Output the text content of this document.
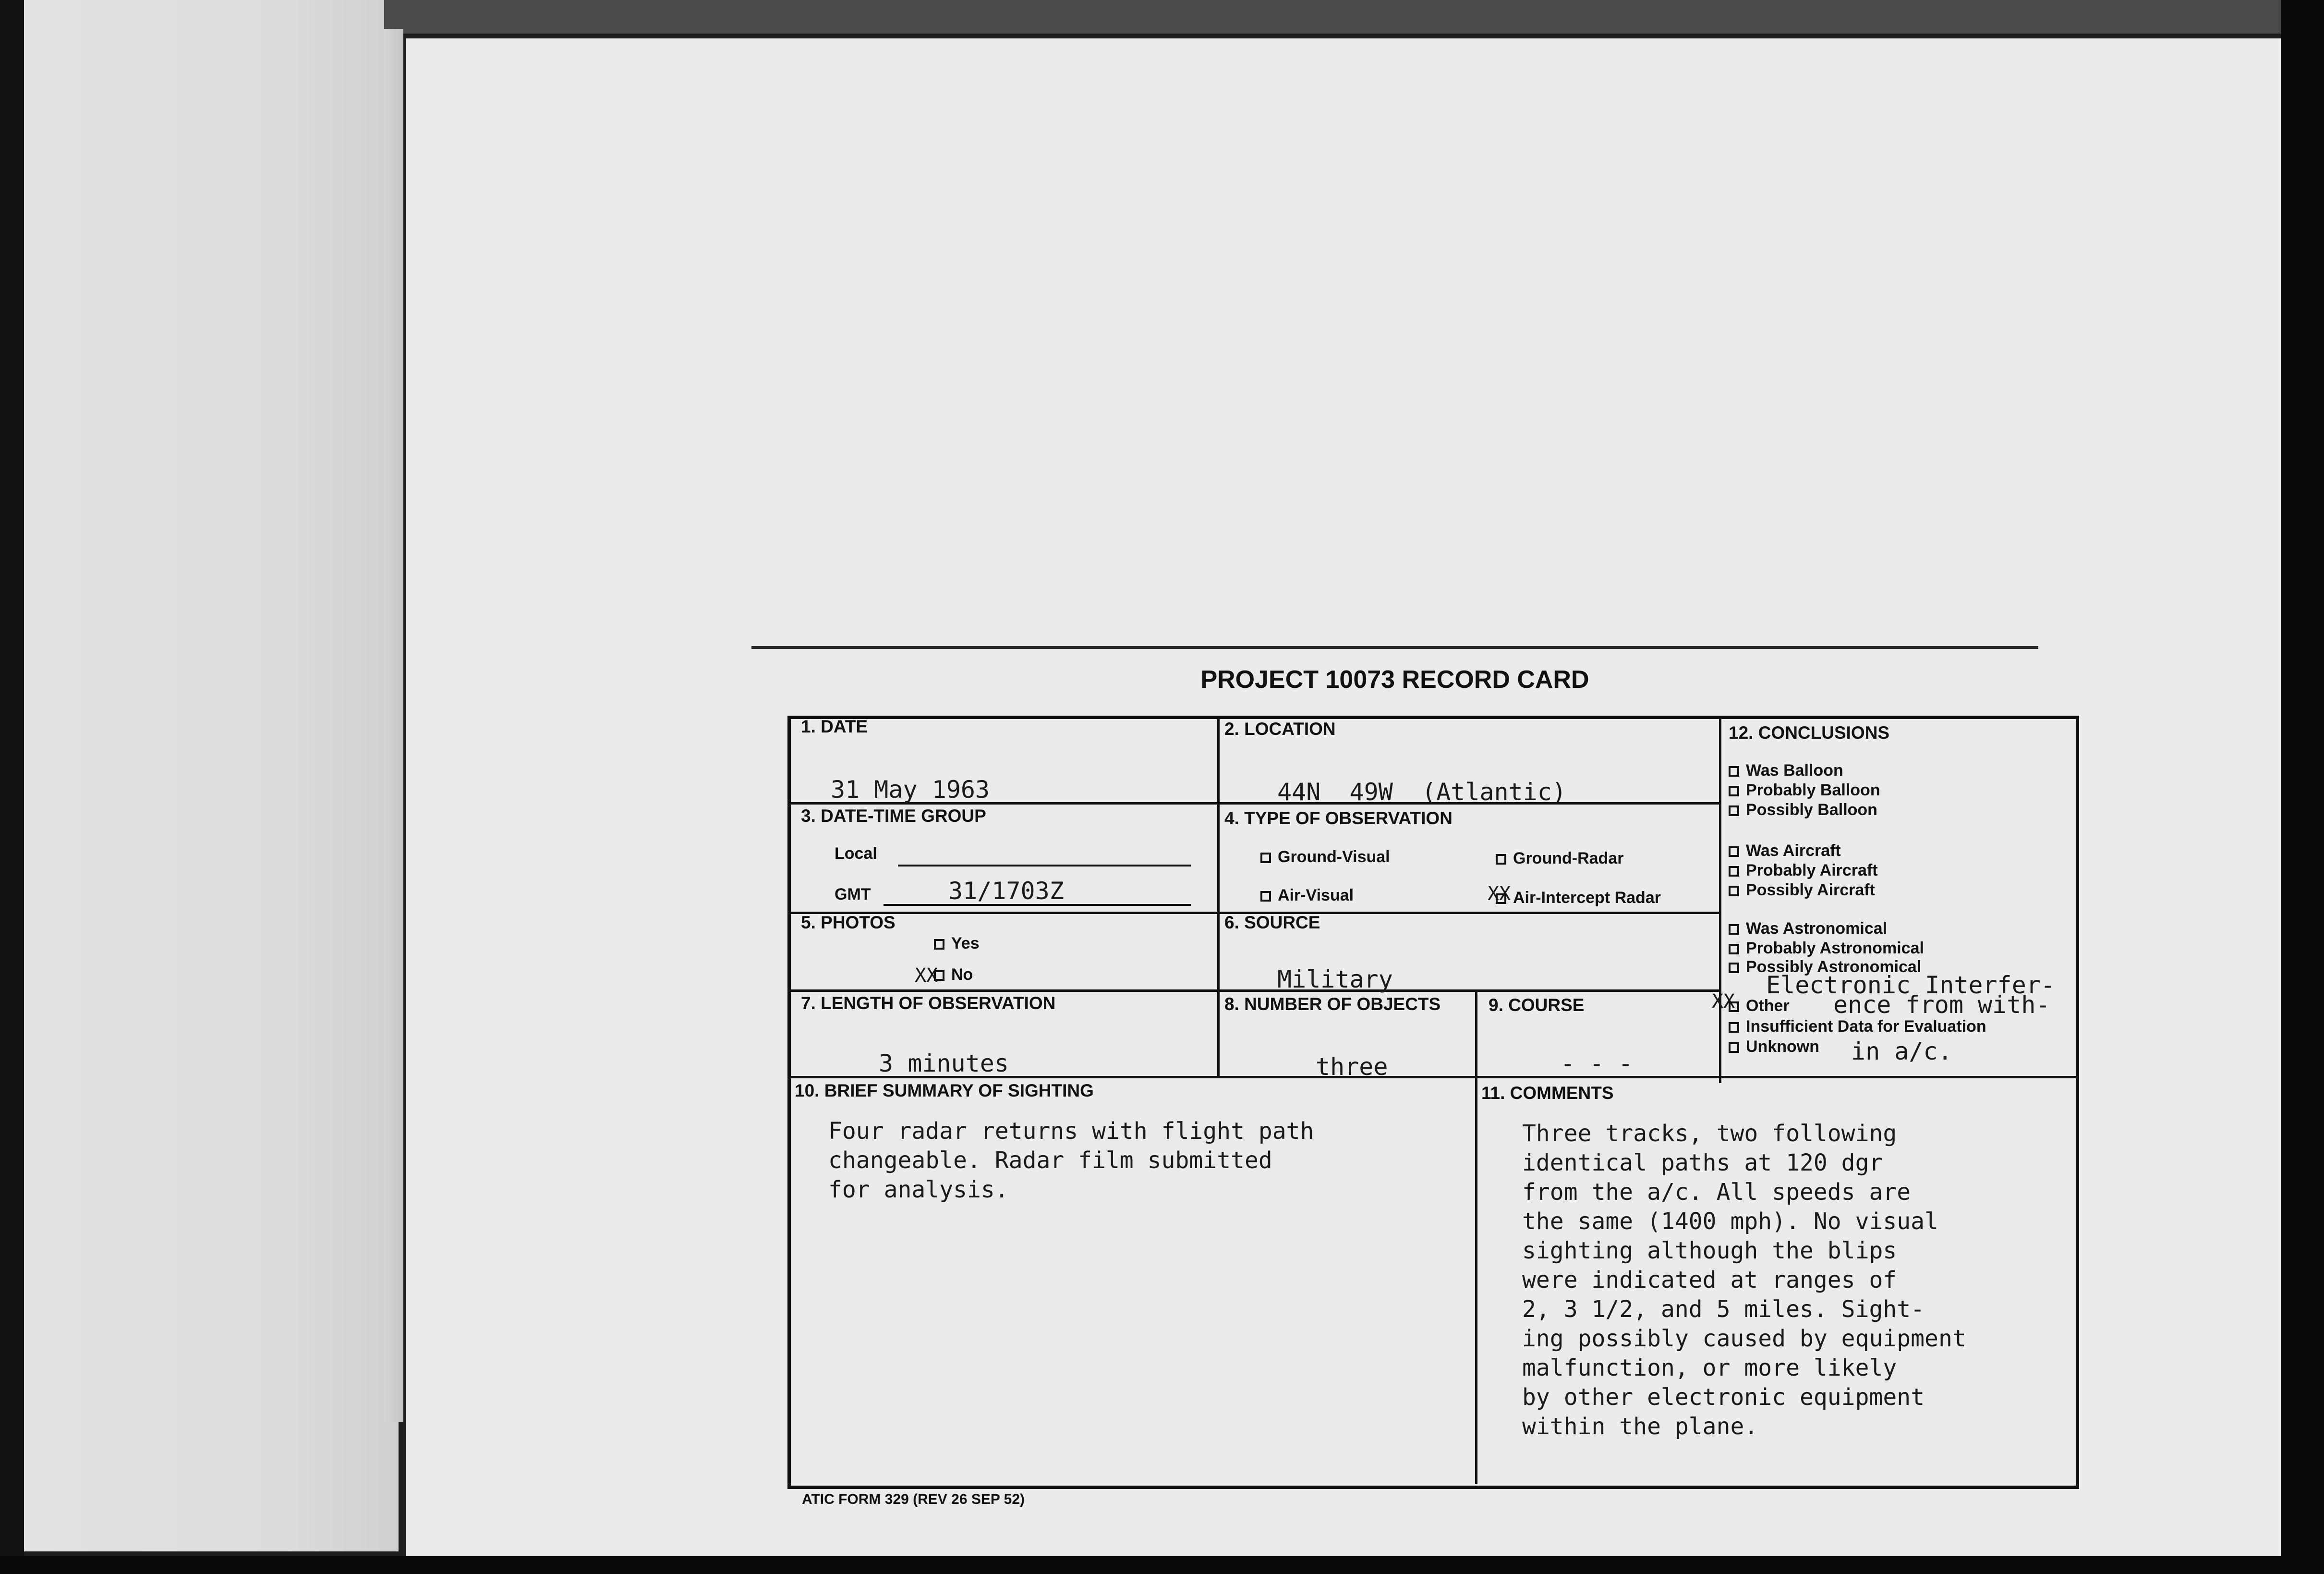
PROJECT 10073 RECORD CARD
1. DATE
31 May 1963
2. LOCATION
44N  49W  (Atlantic)
3. DATE-TIME GROUP
Local
GMT	31/1703Z
4. TYPE OF OBSERVATION
Ground-Visual	Ground-Radar
Air-Visual	XX Air-Intercept Radar
5. PHOTOS
Yes
XX No
6. SOURCE
Military
7. LENGTH OF OBSERVATION
3 minutes
8. NUMBER OF OBJECTS
three
9. COURSE
- - -
10. BRIEF SUMMARY OF SIGHTING
Four radar returns with flight path
changeable. Radar film submitted
for analysis.
11. COMMENTS
Three tracks, two following
identical paths at 120 dgr
from the a/c. All speeds are
the same (1400 mph). No visual
sighting although the blips
were indicated at ranges of
2, 3 1/2, and 5 miles. Sight-
ing possibly caused by equipment
malfunction, or more likely
by other electronic equipment
within the plane.
12. CONCLUSIONS
Was Balloon
Probably Balloon
Possibly Balloon
Was Aircraft
Probably Aircraft
Possibly Aircraft
Was Astronomical
Probably Astronomical
Possibly Astronomical
XX Other
Electronic Interfer-
ence from with-
Insufficient Data for Evaluation
Unknown in a/c.
ATIC FORM 329 (REV 26 SEP 52)
